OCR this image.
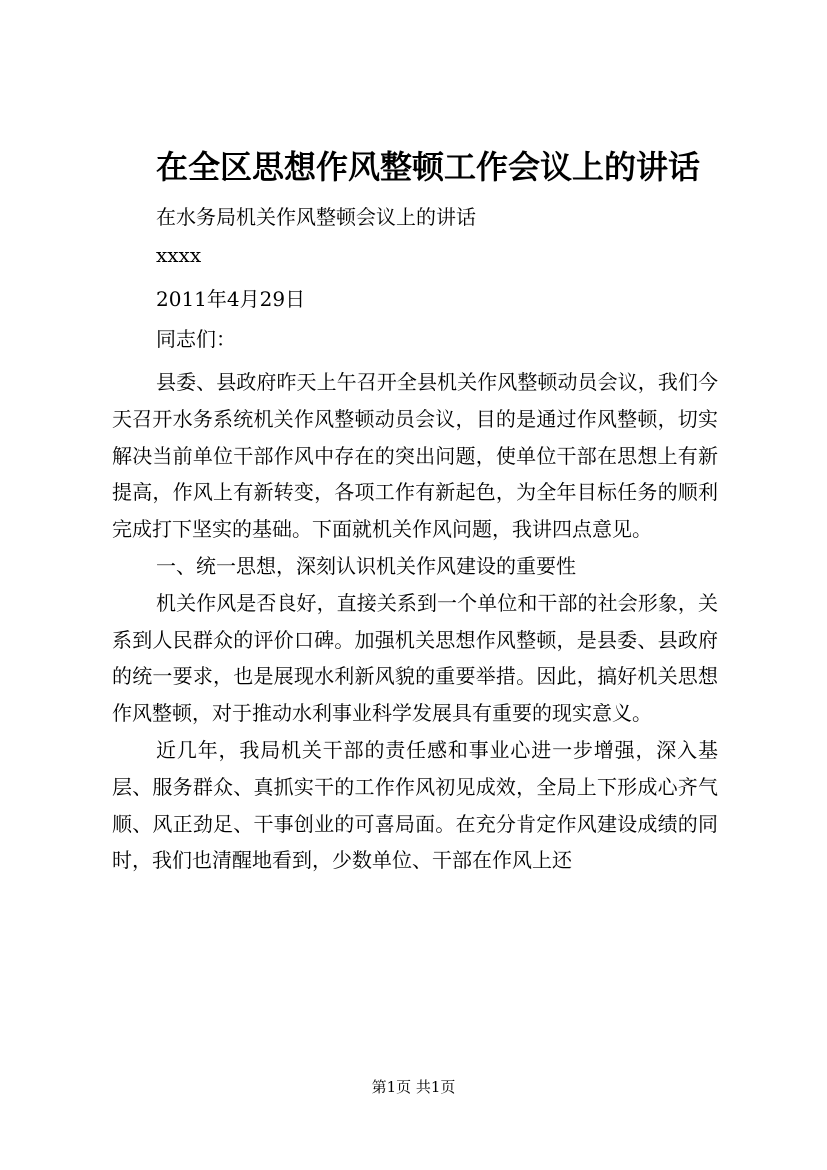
在全区思想作风整顿工作会议上的讲话
在水务局机关作风整顿会议上的讲话
xxxx
2011年4月29日
同志们：

县委、县政府昨天上午召开全县机关作风整顿动员会议，我们今天召开水务系统机关作风整顿动员会议，目的是通过作风整顿，切实解决当前单位干部作风中存在的突出问题，使单位干部在思想上有新提高，作风上有新转变，各项工作有新起色，为全年目标任务的顺利完成打下坚实的基础。下面就机关作风问题，我讲四点意见。

一、统一思想，深刻认识机关作风建设的重要性

机关作风是否良好，直接关系到一个单位和干部的社会形象，关系到人民群众的评价口碑。加强机关思想作风整顿，是县委、县政府的统一要求，也是展现水利新风貌的重要举措。因此，搞好机关思想作风整顿，对于推动水利事业科学发展具有重要的现实意义。

近几年，我局机关干部的责任感和事业心进一步增强，深入基层、服务群众、真抓实干的工作作风初见成效，全局上下形成心齐气顺、风正劲足、干事创业的可喜局面。在充分肯定作风建设成绩的同时，我们也清醒地看到，少数单位、干部在作风上还

第1页 共1页
